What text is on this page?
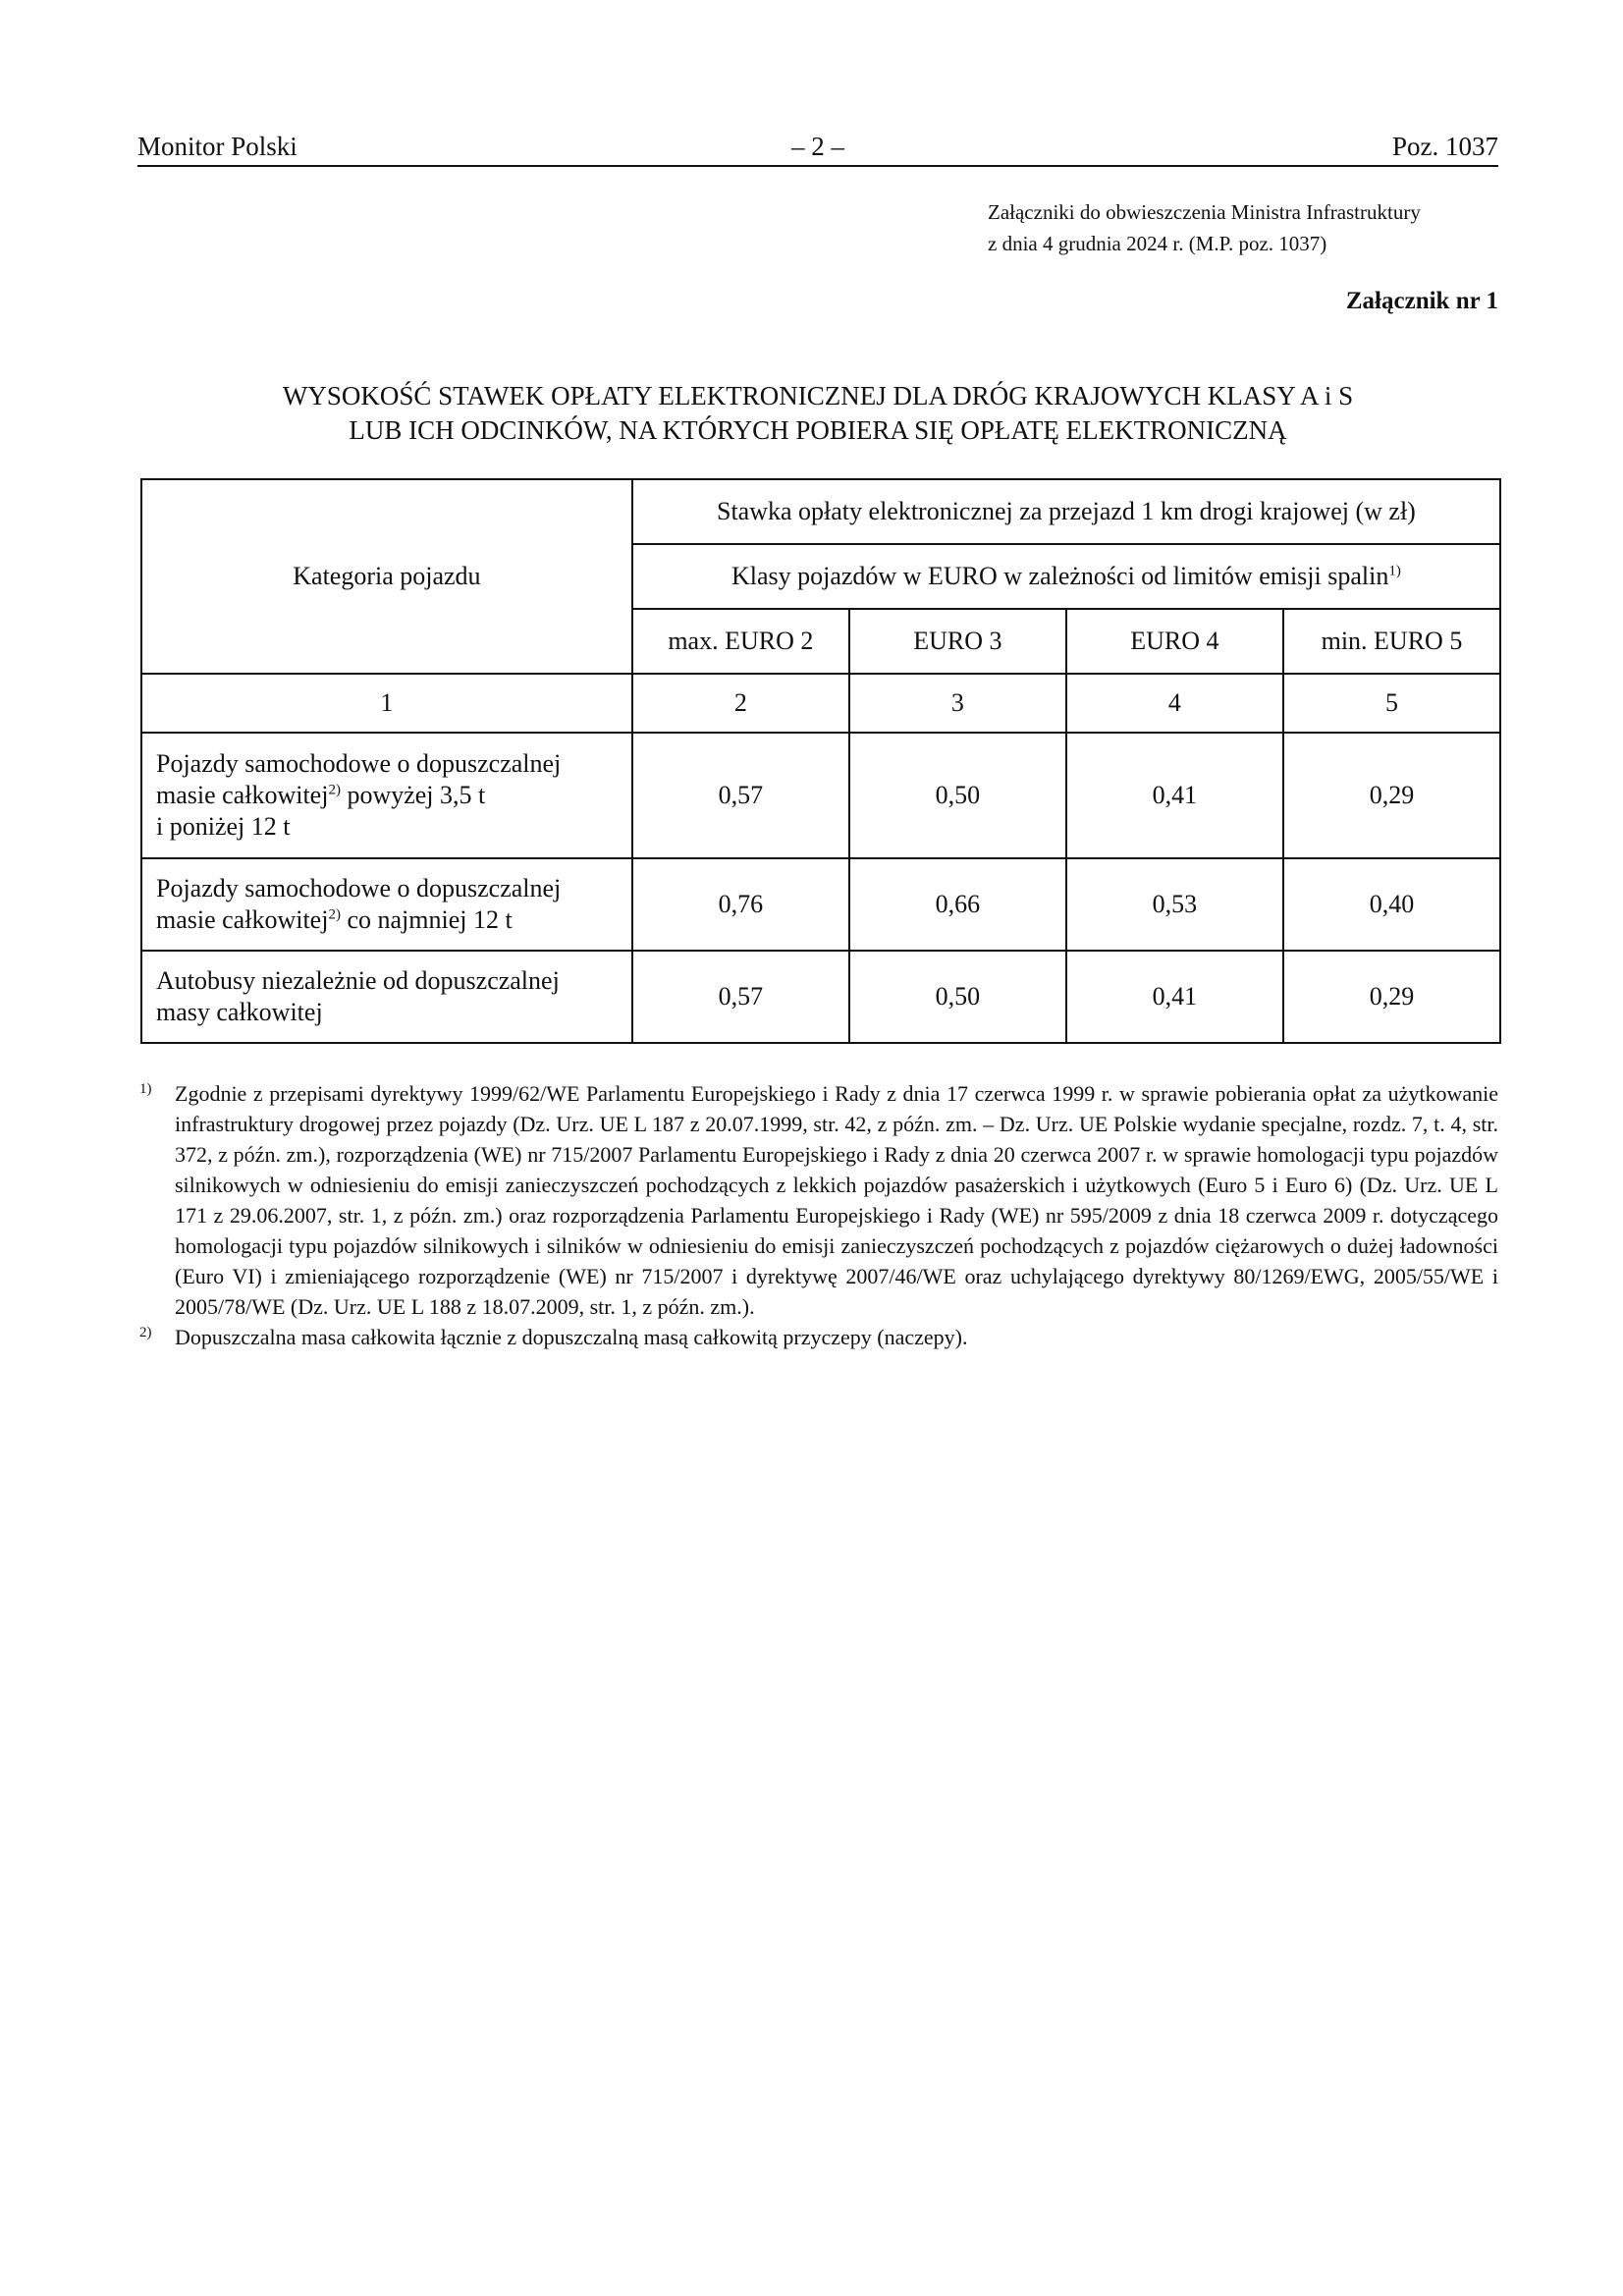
Monitor Polski	– 2 –	Poz. 1037
Załączniki do obwieszczenia Ministra Infrastruktury
z dnia 4 grudnia 2024 r. (M.P. poz. 1037)
Załącznik nr 1
WYSOKOŚĆ STAWEK OPŁATY ELEKTRONICZNEJ DLA DRÓG KRAJOWYCH KLASY A i S
LUB ICH ODCINKÓW, NA KTÓRYCH POBIERA SIĘ OPŁATĘ ELEKTRONICZNĄ
Kategoria pojazdu	Stawka opłaty elektronicznej za przejazd 1 km drogi krajowej (w zł)			
	Klasy pojazdów w EURO w zależności od limitów emisji spalin$^{1)}$
	max. EURO 2	EURO 3	EURO 4	min. EURO 5
1	2	3	4	5

Pojazdy samochodowe o dopuszczalnej
masie całkowitej$^{2)}$ powyżej 3,5 t
i poniżej 12 t	0,57	0,50	0,41	0,29

Pojazdy samochodowe o dopuszczalnej
masie całkowitej$^{2)}$ co najmniej 12 t	0,76	0,66	0,53	0,40

Autobusy niezależnie od dopuszczalnej
masy całkowitej	0,57	0,50	0,41	0,29
1) Zgodnie z przepisami dyrektywy 1999/62/WE Parlamentu Europejskiego i Rady z dnia 17 czerwca 1999 r. w sprawie pobierania opłat za użytkowanie infrastruktury drogowej przez pojazdy (Dz. Urz. UE L 187 z 20.07.1999, str. 42, z późn. zm. – Dz. Urz. UE Polskie wydanie specjalne, rozdz. 7, t. 4, str. 372, z późn. zm.), rozporządzenia (WE) nr 715/2007 Parlamentu Europejskiego i Rady z dnia 20 czerwca 2007 r. w sprawie homologacji typu pojazdów silnikowych w odniesieniu do emisji zanieczyszczeń pochodzących z lekkich pojazdów pasażerskich i użytkowych (Euro 5 i Euro 6) (Dz. Urz. UE L 171 z 29.06.2007, str. 1, z późn. zm.) oraz rozporządzenia Parlamentu Europejskiego i Rady (WE) nr 595/2009 z dnia 18 czerwca 2009 r. dotyczącego homologacji typu pojazdów silnikowych i silników w odniesieniu do emisji zanieczyszczeń pochodzących z pojazdów ciężarowych o dużej ładowności (Euro VI) i zmieniającego rozporządzenie (WE) nr 715/2007 i dyrektywę 2007/46/WE oraz uchylającego dyrektywy 80/1269/EWG, 2005/55/WE i 2005/78/WE (Dz. Urz. UE L 188 z 18.07.2009, str. 1, z późn. zm.).
2) Dopuszczalna masa całkowita łącznie z dopuszczalną masą całkowitą przyczepy (naczepy).
